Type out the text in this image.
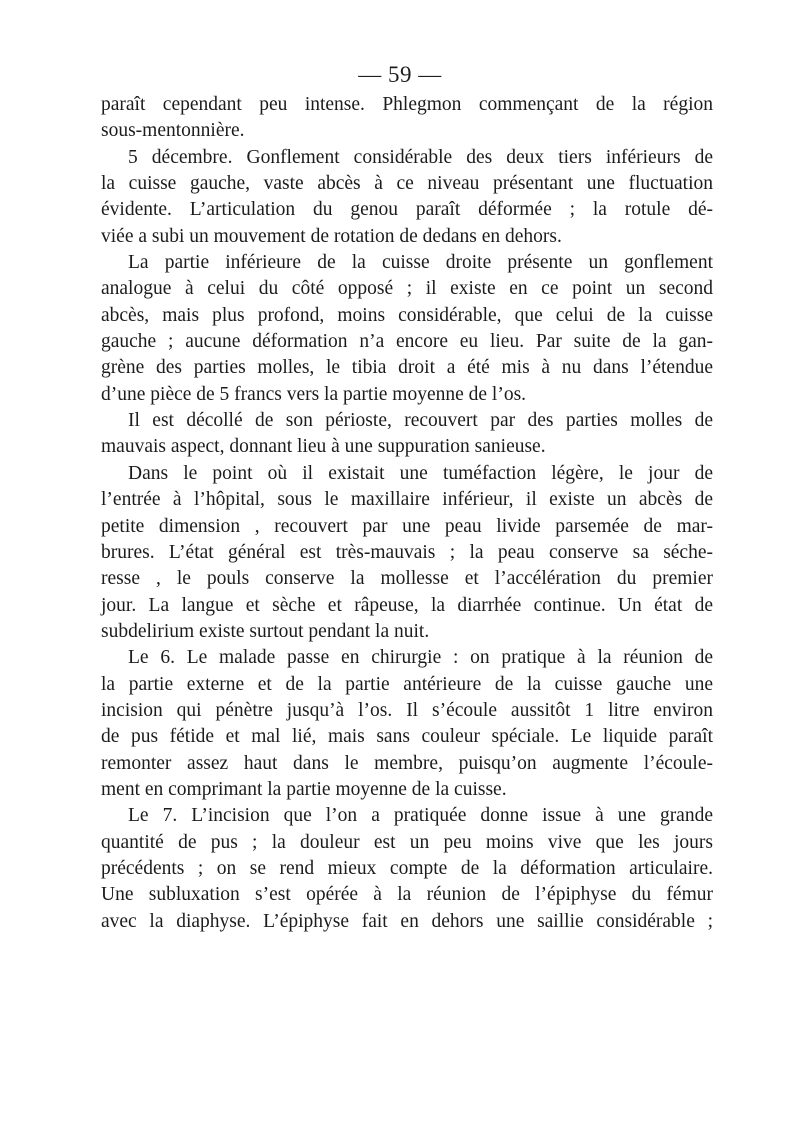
— 59 —
paraît cependant peu intense. Phlegmon commençant de la région
sous-mentonnière.
5 décembre. Gonflement considérable des deux tiers inférieurs de
la cuisse gauche, vaste abcès à ce niveau présentant une fluctuation
évidente. L’articulation du genou paraît déformée ; la rotule dé-
viée a subi un mouvement de rotation de dedans en dehors.
La partie inférieure de la cuisse droite présente un gonflement
analogue à celui du côté opposé ; il existe en ce point un second
abcès, mais plus profond, moins considérable, que celui de la cuisse
gauche ; aucune déformation n’a encore eu lieu. Par suite de la gan-
grène des parties molles, le tibia droit a été mis à nu dans l’étendue
d’une pièce de 5 francs vers la partie moyenne de l’os.
Il est décollé de son périoste, recouvert par des parties molles de
mauvais aspect, donnant lieu à une suppuration sanieuse.
Dans le point où il existait une tuméfaction légère, le jour de
l’entrée à l’hôpital, sous le maxillaire inférieur, il existe un abcès de
petite dimension , recouvert par une peau livide parsemée de mar-
brures. L’état général est très-mauvais ; la peau conserve sa séche-
resse , le pouls conserve la mollesse et l’accélération du premier
jour. La langue et sèche et râpeuse, la diarrhée continue. Un état de
subdelirium existe surtout pendant la nuit.
Le 6. Le malade passe en chirurgie : on pratique à la réunion de
la partie externe et de la partie antérieure de la cuisse gauche une
incision qui pénètre jusqu’à l’os. Il s’écoule aussitôt 1 litre environ
de pus fétide et mal lié, mais sans couleur spéciale. Le liquide paraît
remonter assez haut dans le membre, puisqu’on augmente l’écoule-
ment en comprimant la partie moyenne de la cuisse.
Le 7. L’incision que l’on a pratiquée donne issue à une grande
quantité de pus ; la douleur est un peu moins vive que les jours
précédents ; on se rend mieux compte de la déformation articulaire.
Une subluxation s’est opérée à la réunion de l’épiphyse du fémur
avec la diaphyse. L’épiphyse fait en dehors une saillie considérable ;
